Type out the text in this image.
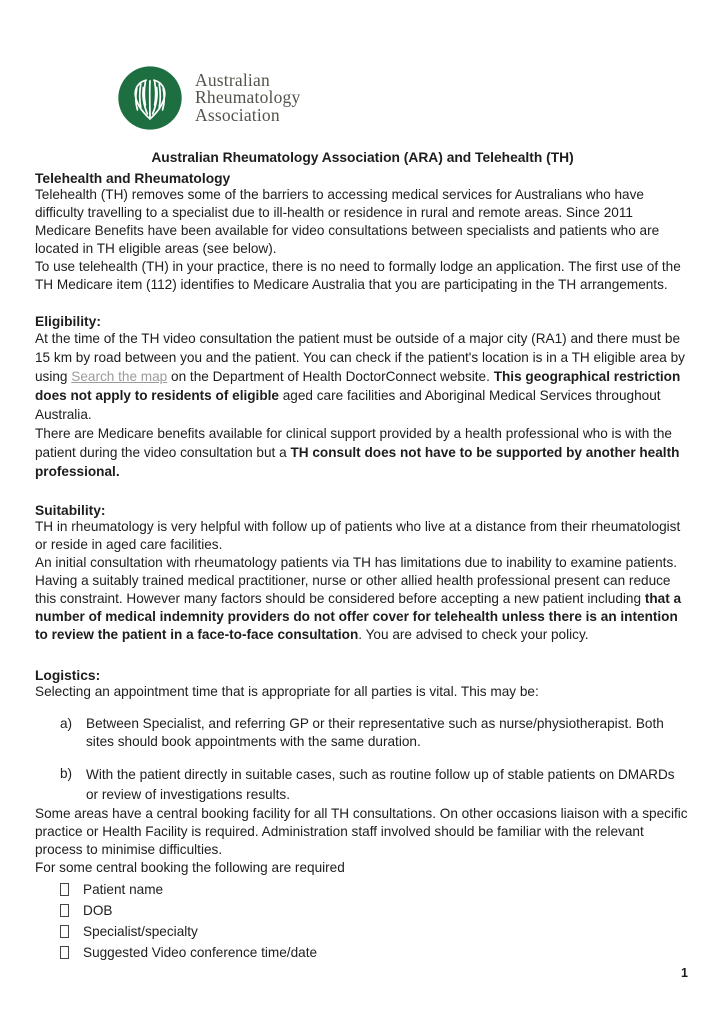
Australian
Rheumatology
Association
Australian Rheumatology Association (ARA) and Telehealth (TH)
Telehealth and Rheumatology

Telehealth (TH) removes some of the barriers to accessing medical services for Australians who have difficulty travelling to a specialist due to ill-health or residence in rural and remote areas. Since 2011 Medicare Benefits have been available for video consultations between specialists and patients who are located in TH eligible areas (see below).

To use telehealth (TH) in your practice, there is no need to formally lodge an application. The first use of the TH Medicare item (112) identifies to Medicare Australia that you are participating in the TH arrangements.

Eligibility:

At the time of the TH video consultation the patient must be outside of a major city (RA1) and there must be 15 km by road between you and the patient. You can check if the patient's location is in a TH eligible area by using Search the map on the Department of Health DoctorConnect website. This geographical restriction does not apply to residents of eligible aged care facilities and Aboriginal Medical Services throughout Australia.

There are Medicare benefits available for clinical support provided by a health professional who is with the patient during the video consultation but a TH consult does not have to be supported by another health professional.

Suitability:

TH in rheumatology is very helpful with follow up of patients who live at a distance from their rheumatologist or reside in aged care facilities.

An initial consultation with rheumatology patients via TH has limitations due to inability to examine patients. Having a suitably trained medical practitioner, nurse or other allied health professional present can reduce this constraint. However many factors should be considered before accepting a new patient including that a number of medical indemnity providers do not offer cover for telehealth unless there is an intention to review the patient in a face-to-face consultation. You are advised to check your policy.

Logistics:

Selecting an appointment time that is appropriate for all parties is vital. This may be:

a)	Between Specialist, and referring GP or their representative such as nurse/physiotherapist. Both sites should book appointments with the same duration.
b)	With the patient directly in suitable cases, such as routine follow up of stable patients on DMARDs or review of investigations results.

Some areas have a central booking facility for all TH consultations. On other occasions liaison with a specific practice or Health Facility is required. Administration staff involved should be familiar with the relevant process to minimise difficulties.

For some central booking the following are required

Patient name
DOB
Specialist/specialty
Suggested Video conference time/date
1
